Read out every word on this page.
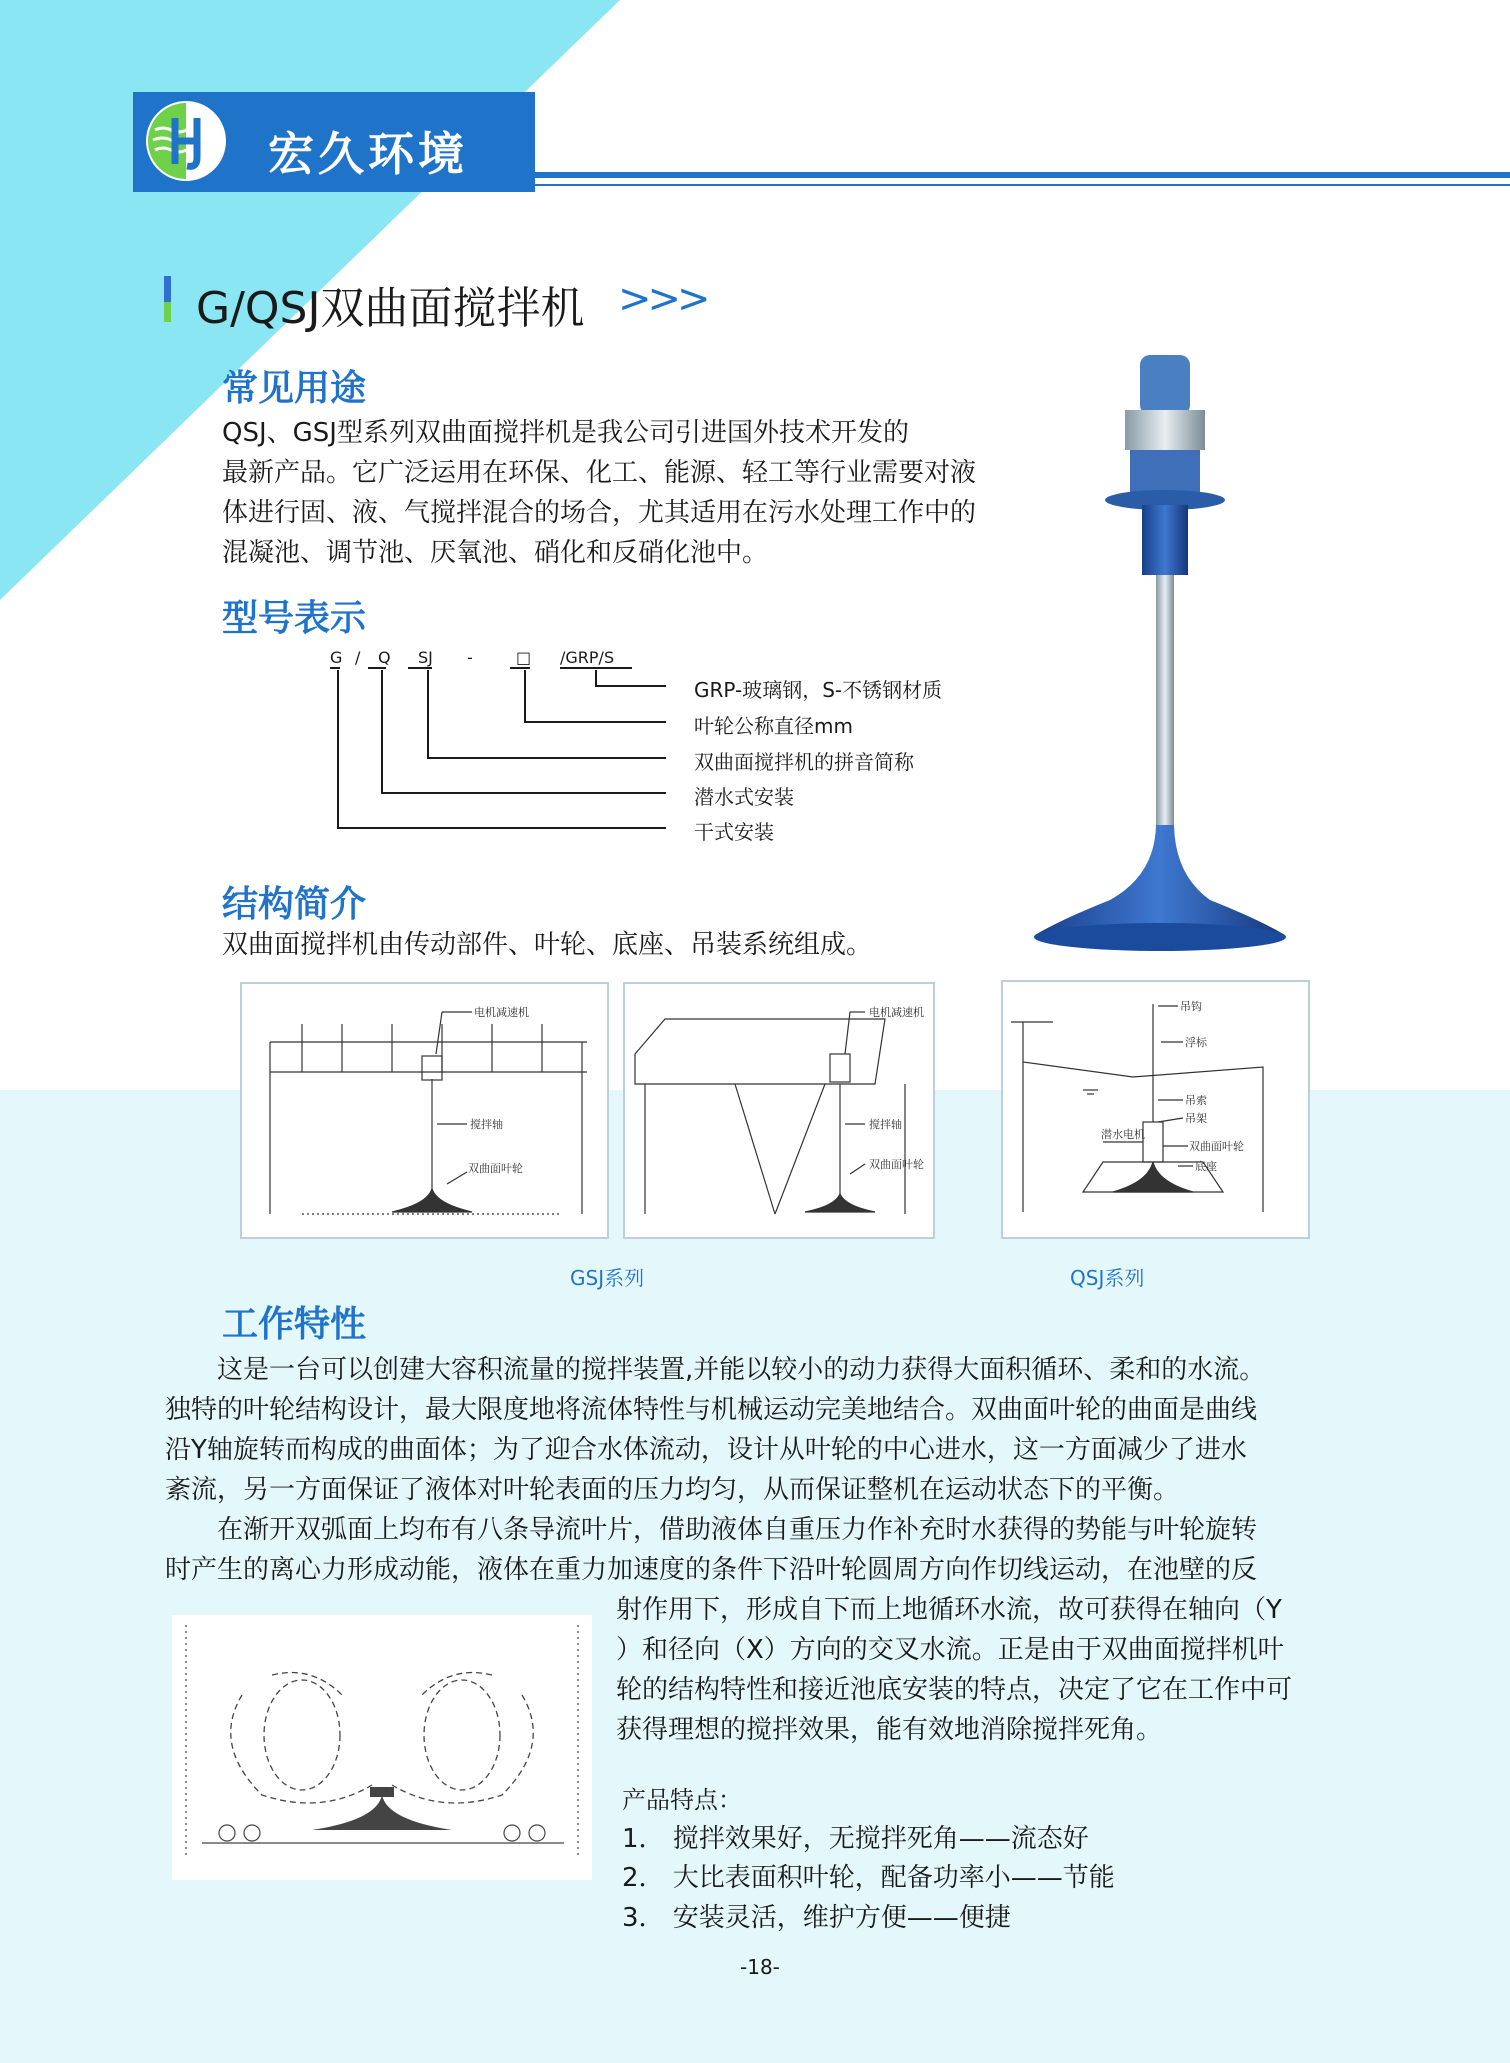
宏久环境
G/QSJ双曲面搅拌机 >>>
常见用途

QSJ、GSJ型系列双曲面搅拌机是我公司引进国外技术开发的

最新产品。它广泛运用在环保、化工、能源、轻工等行业需要对液

体进行固、液、气搅拌混合的场合，尤其适用在污水处理工作中的

混凝池、调节池、厌氧池、硝化和反硝化池中。

型号表示
G / Q SJ -	□ /GRP/S
GRP-玻璃钢，S-不锈钢材质
叶轮公称直径mm
双曲面搅拌机的拼音简称
潜水式安装
干式安装
结构简介
双曲面搅拌机由传动部件、叶轮、底座、吊装系统组成。
电机减速机
搅拌轴
双曲面叶轮
电机减速机
搅拌轴
双曲面叶轮
吊钩
浮标
吊索
吊架
潜水电机
双曲面叶轮
底座
GSJ系列	QSJ系列
工作特性

这是一台可以创建大容积流量的搅拌装置,并能以较小的动力获得大面积循环、柔和的水流。

独特的叶轮结构设计，最大限度地将流体特性与机械运动完美地结合。双曲面叶轮的曲面是曲线

沿Y轴旋转而构成的曲面体；为了迎合水体流动，设计从叶轮的中心进水，这一方面减少了进水

紊流，另一方面保证了液体对叶轮表面的压力均匀，从而保证整机在运动状态下的平衡。

在渐开双弧面上均布有八条导流叶片，借助液体自重压力作补充时水获得的势能与叶轮旋转

时产生的离心力形成动能，液体在重力加速度的条件下沿叶轮圆周方向作切线运动，在池壁的反

射作用下，形成自下而上地循环水流，故可获得在轴向（Y

）和径向（X）方向的交叉水流。正是由于双曲面搅拌机叶

轮的结构特性和接近池底安装的特点，决定了它在工作中可

获得理想的搅拌效果，能有效地消除搅拌死角。

产品特点：
1． 搅拌效果好，无搅拌死角——流态好
2． 大比表面积叶轮，配备功率小——节能
3． 安装灵活，维护方便——便捷
-18-
